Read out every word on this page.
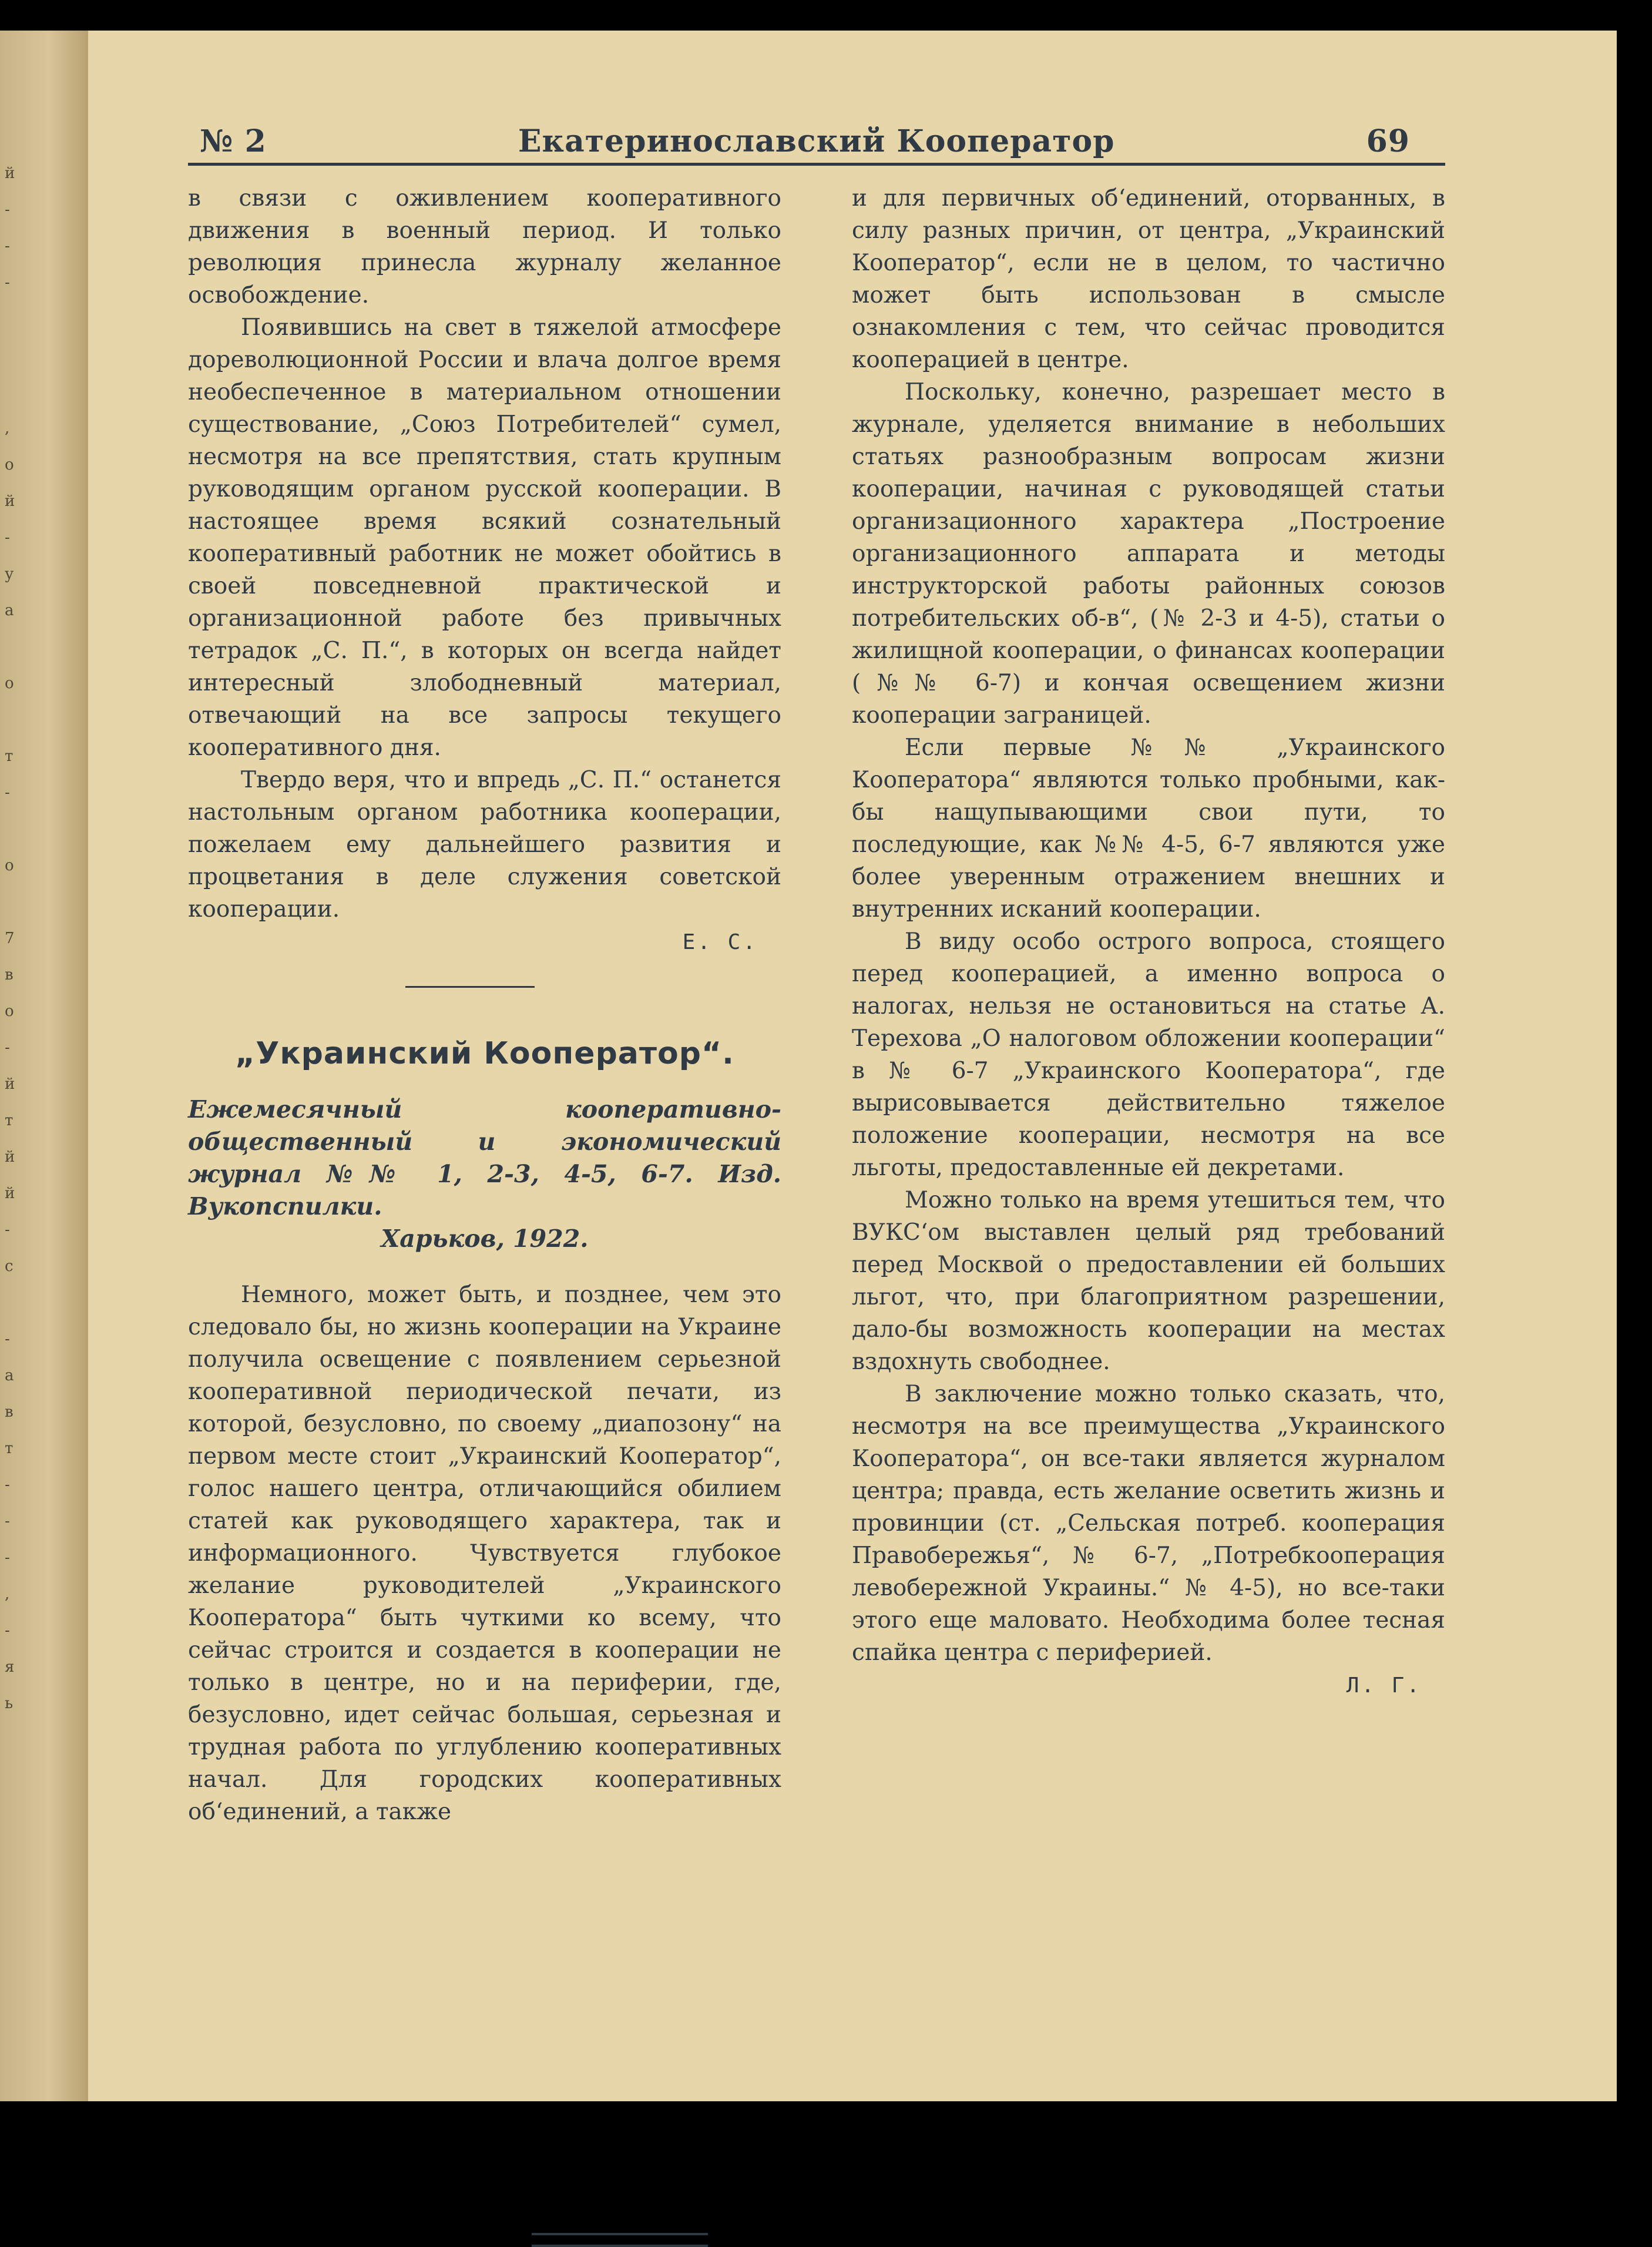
й
-
-
-
,
о
й
-
у
а
о
т
-
о
7
в
о
-
й
т
й
й
-
с
-
а
в
т
-
-
-
,
-
я
ь
№ 2	Екатеринославский Кооператор	69

в связи с оживлением кооперативного движения в военный период. И только революция принесла журналу желанное освобождение.

Появившись на свет в тяжелой атмосфере дореволюционной России и влача долгое время необеспеченное в материальном отношении существование, „Союз Потребителей“ сумел, несмотря на все препятствия, стать крупным руководящим органом русской кооперации. В настоящее время всякий сознательный кооперативный работник не может обойтись в своей повседневной практической и организационной работе без привычных тетрадок „С. П.“, в которых он всегда найдет интересный злободневный материал, отвечающий на все запросы текущего кооперативного дня.

Твердо веря, что и впредь „С. П.“ останется настольным органом работника кооперации, пожелаем ему дальнейшего развития и процветания в деле служения советской кооперации.

Е. С.
„Украинский Кооператор“.
Ежемесячный кооперативно-общественный и экономический журнал №№ 1, 2-3, 4-5, 6-7. Изд. Вукопспилки.
Харьков, 1922.

Немного, может быть, и позднее, чем это следовало бы, но жизнь кооперации на Украине получила освещение с появлением серьезной кооперативной периодической печати, из которой, безусловно, по своему „диапозону“ на первом месте стоит „Украинский Кооператор“, голос нашего центра, отличающийся обилием статей как руководящего характера, так и информационного. Чувствуется глубокое желание руководителей „Украинского Кооператора“ быть чуткими ко всему, что сейчас строится и создается в кооперации не только в центре, но и на периферии, где, безусловно, идет сейчас большая, серьезная и трудная работа по углублению кооперативных начал. Для городских кооперативных об‘единений, а также

и для первичных об‘единений, оторванных, в силу разных причин, от центра, „Украинский Кооператор“, если не в целом, то частично может быть использован в смысле ознакомления с тем, что сейчас проводится кооперацией в центре.

Поскольку, конечно, разрешает место в журнале, уделяется внимание в небольших статьях разнообразным вопросам жизни кооперации, начиная с руководящей статьи организационного характера „Построение организационного аппарата и методы инструкторской работы районных союзов потребительских об-в“, (№ 2-3 и 4-5), статьи о жилищной кооперации, о финансах кооперации (№№ 6-7) и кончая освещением жизни кооперации заграницей.

Если первые №№ „Украинского Кооператора“ являются только пробными, как-бы нащупывающими свои пути, то последующие, как №№ 4-5, 6-7 являются уже более уверенным отражением внешних и внутренних исканий кооперации.

В виду особо острого вопроса, стоящего перед кооперацией, а именно вопроса о налогах, нельзя не остановиться на статье А. Терехова „О налоговом обложении кооперации“ в № 6-7 „Украинского Кооператора“, где вырисовывается действительно тяжелое положение кооперации, несмотря на все льготы, предоставленные ей декретами.

Можно только на время утешиться тем, что ВУКС‘ом выставлен целый ряд требований перед Москвой о предоставлении ей больших льгот, что, при благоприятном разрешении, дало-бы возможность кооперации на местах вздохнуть свободнее.

В заключение можно только сказать, что, несмотря на все преимущества „Украинского Кооператора“, он все-таки является журналом центра; правда, есть желание осветить жизнь и провинции (ст. „Сельская потреб. кооперация Правобережья“, № 6-7, „Потребкооперация левобережной Украины.“ № 4-5), но все-таки этого еще маловато. Необходима более тесная спайка центра с периферией.

Л. Г.
